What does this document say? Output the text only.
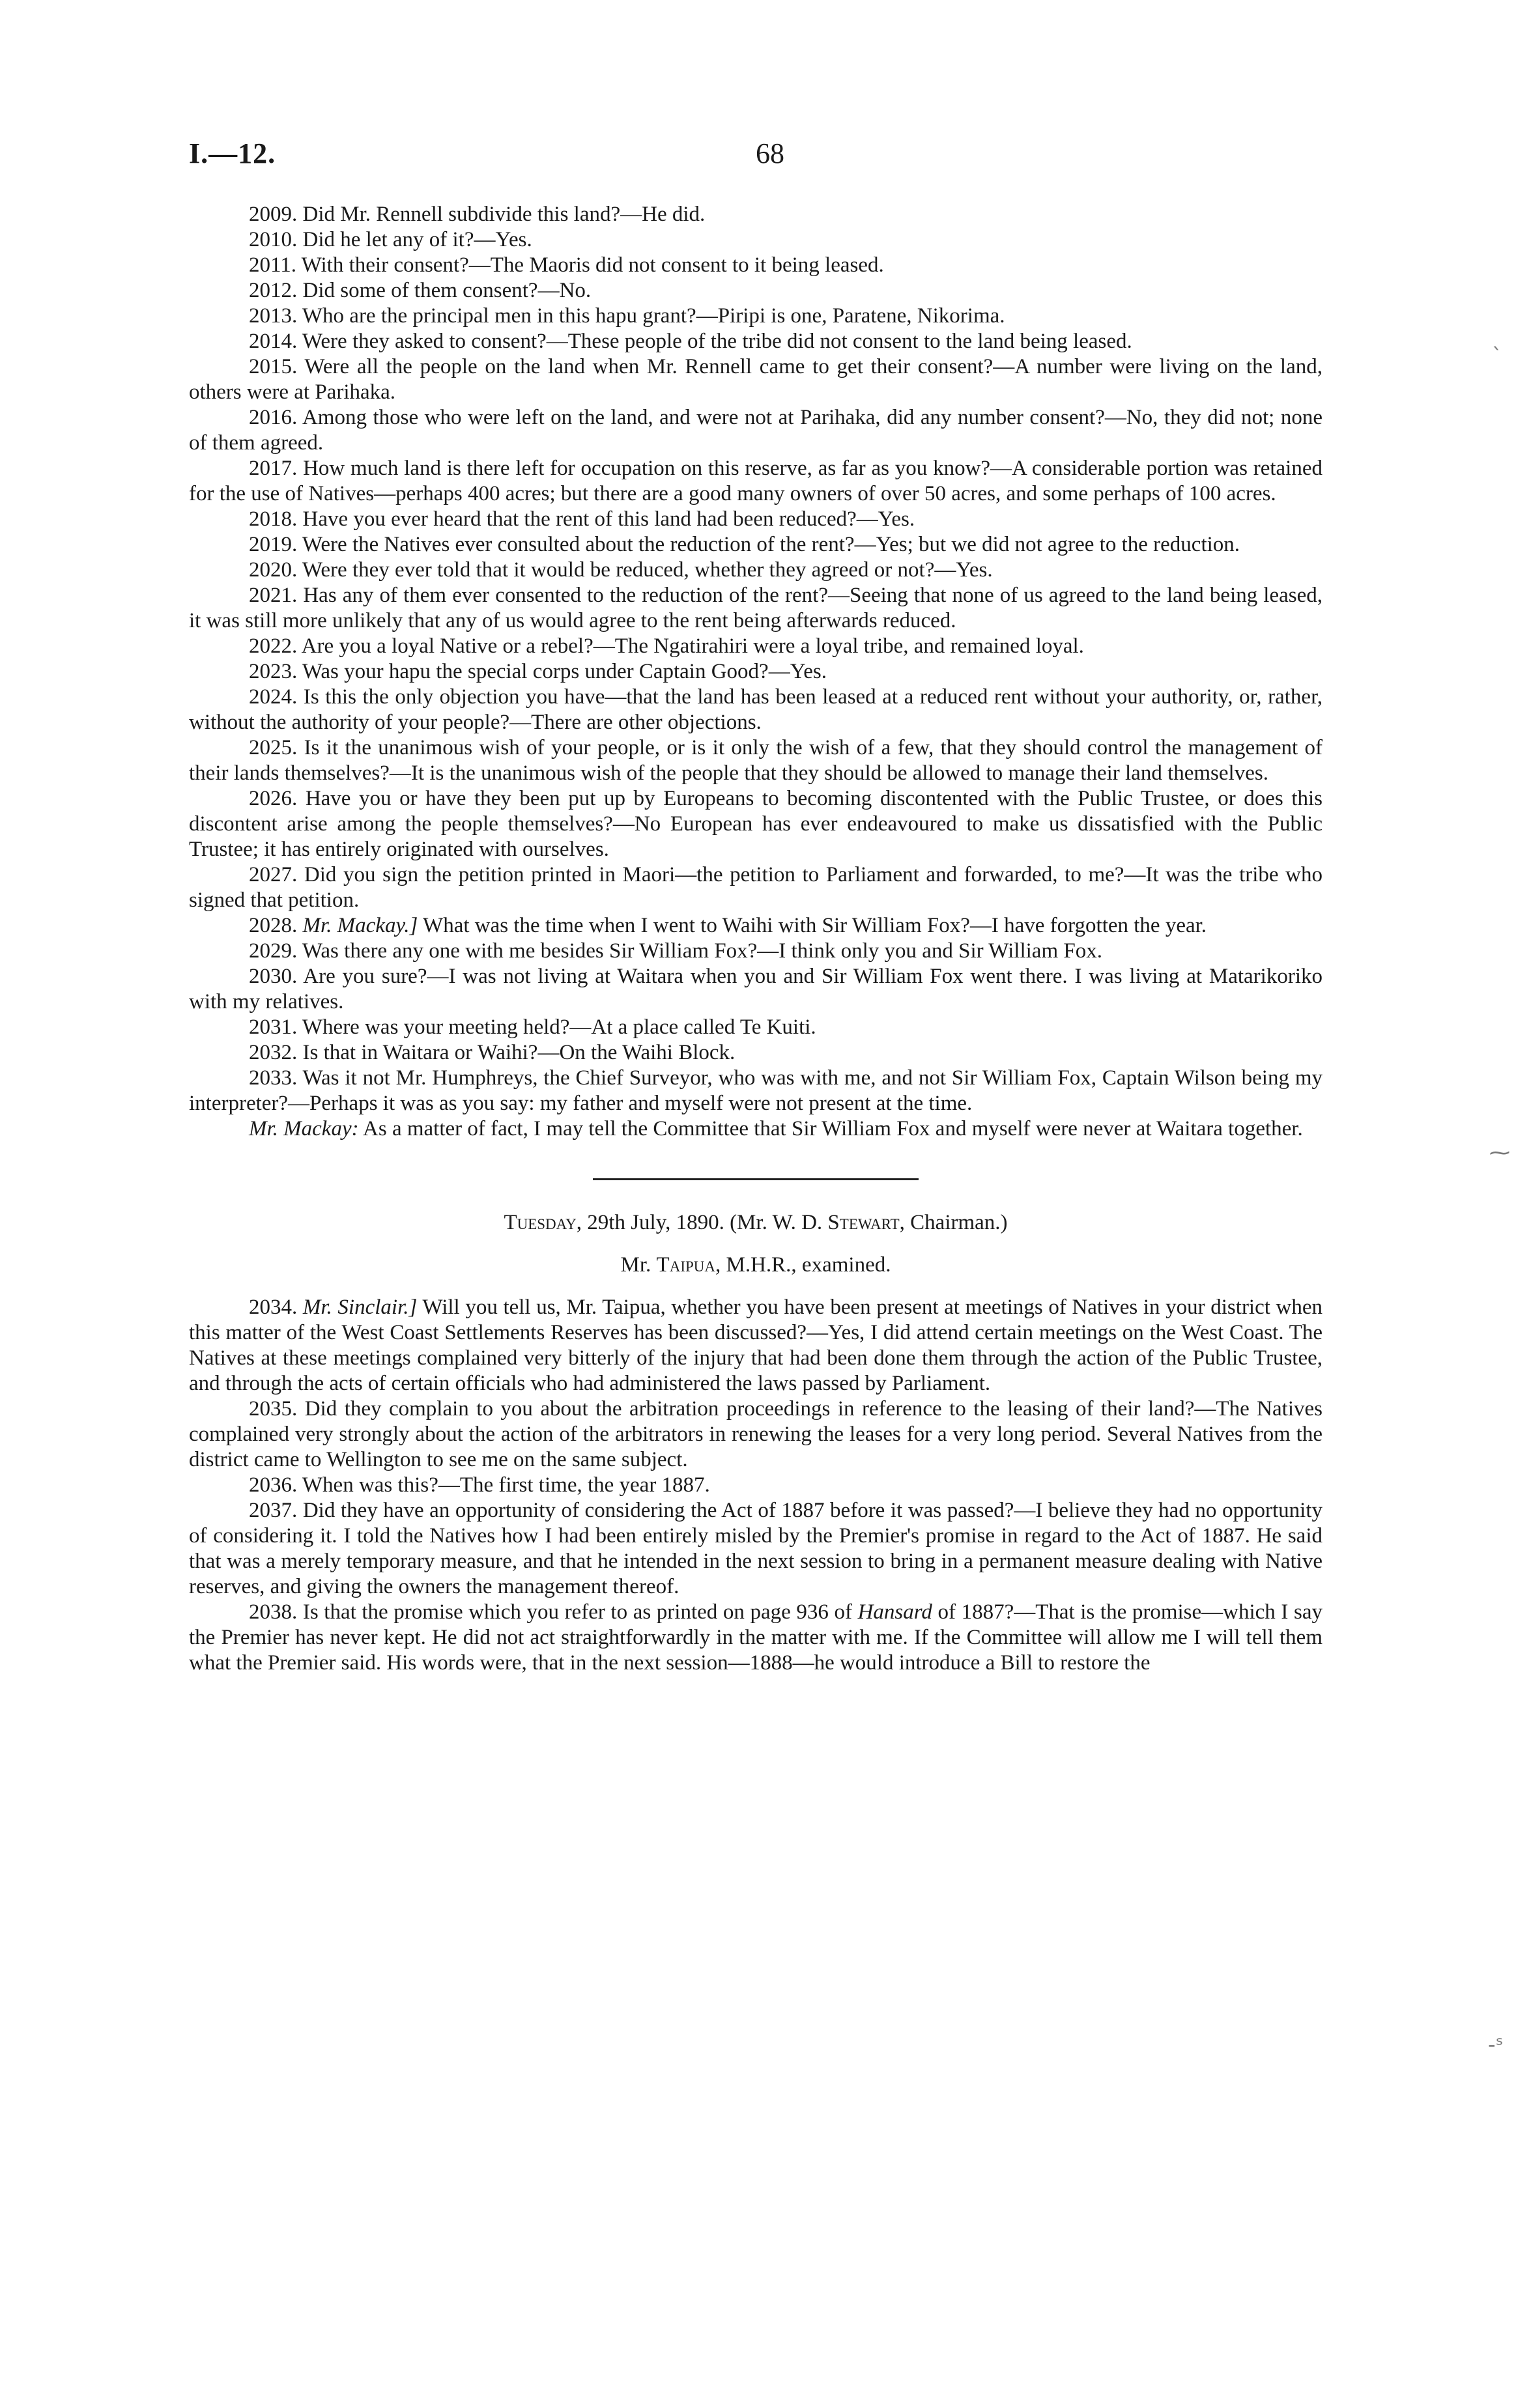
I.—12.	68
ˎ
⁓
-ˢ

2009. Did Mr. Rennell subdivide this land?—He did.

2010. Did he let any of it?—Yes.

2011. With their consent?—The Maoris did not consent to it being leased.

2012. Did some of them consent?—No.

2013. Who are the principal men in this hapu grant?—Piripi is one, Paratene, Nikorima.

2014. Were they asked to consent?—These people of the tribe did not consent to the land being leased.

2015. Were all the people on the land when Mr. Rennell came to get their consent?—A number were living on the land, others were at Parihaka.

2016. Among those who were left on the land, and were not at Parihaka, did any number consent?—No, they did not; none of them agreed.

2017. How much land is there left for occupation on this reserve, as far as you know?—A considerable portion was retained for the use of Natives—perhaps 400 acres; but there are a good many owners of over 50 acres, and some perhaps of 100 acres.

2018. Have you ever heard that the rent of this land had been reduced?—Yes.

2019. Were the Natives ever consulted about the reduction of the rent?—Yes; but we did not agree to the reduction.

2020. Were they ever told that it would be reduced, whether they agreed or not?—Yes.

2021. Has any of them ever consented to the reduction of the rent?—Seeing that none of us agreed to the land being leased, it was still more unlikely that any of us would agree to the rent being afterwards reduced.

2022. Are you a loyal Native or a rebel?—The Ngatirahiri were a loyal tribe, and remained loyal.

2023. Was your hapu the special corps under Captain Good?—Yes.

2024. Is this the only objection you have—that the land has been leased at a reduced rent without your authority, or, rather, without the authority of your people?—There are other objections.

2025. Is it the unanimous wish of your people, or is it only the wish of a few, that they should control the management of their lands themselves?—It is the unanimous wish of the people that they should be allowed to manage their land themselves.

2026. Have you or have they been put up by Europeans to becoming discontented with the Public Trustee, or does this discontent arise among the people themselves?—No European has ever endeavoured to make us dissatisfied with the Public Trustee; it has entirely originated with ourselves.

2027. Did you sign the petition printed in Maori—the petition to Parliament and forwarded, to me?—It was the tribe who signed that petition.

2028. Mr. Mackay.] What was the time when I went to Waihi with Sir William Fox?—I have forgotten the year.

2029. Was there any one with me besides Sir William Fox?—I think only you and Sir William Fox.

2030. Are you sure?—I was not living at Waitara when you and Sir William Fox went there. I was living at Matarikoriko with my relatives.

2031. Where was your meeting held?—At a place called Te Kuiti.

2032. Is that in Waitara or Waihi?—On the Waihi Block.

2033. Was it not Mr. Humphreys, the Chief Surveyor, who was with me, and not Sir William Fox, Captain Wilson being my interpreter?—Perhaps it was as you say: my father and myself were not present at the time.

Mr. Mackay: As a matter of fact, I may tell the Committee that Sir William Fox and myself were never at Waitara together.

Tuesday, 29th July, 1890. (Mr. W. D. Stewart, Chairman.)

Mr. Taipua, M.H.R., examined.

2034. Mr. Sinclair.] Will you tell us, Mr. Taipua, whether you have been present at meetings of Natives in your district when this matter of the West Coast Settlements Reserves has been discussed?—Yes, I did attend certain meetings on the West Coast. The Natives at these meetings complained very bitterly of the injury that had been done them through the action of the Public Trustee, and through the acts of certain officials who had administered the laws passed by Parliament.

2035. Did they complain to you about the arbitration proceedings in reference to the leasing of their land?—The Natives complained very strongly about the action of the arbitrators in renewing the leases for a very long period. Several Natives from the district came to Wellington to see me on the same subject.

2036. When was this?—The first time, the year 1887.

2037. Did they have an opportunity of considering the Act of 1887 before it was passed?—I believe they had no opportunity of considering it. I told the Natives how I had been entirely misled by the Premier's promise in regard to the Act of 1887. He said that was a merely temporary measure, and that he intended in the next session to bring in a permanent measure dealing with Native reserves, and giving the owners the management thereof.

2038. Is that the promise which you refer to as printed on page 936 of Hansard of 1887?—That is the promise—which I say the Premier has never kept. He did not act straightforwardly in the matter with me. If the Committee will allow me I will tell them what the Premier said. His words were, that in the next session—1888—he would introduce a Bill to restore the
